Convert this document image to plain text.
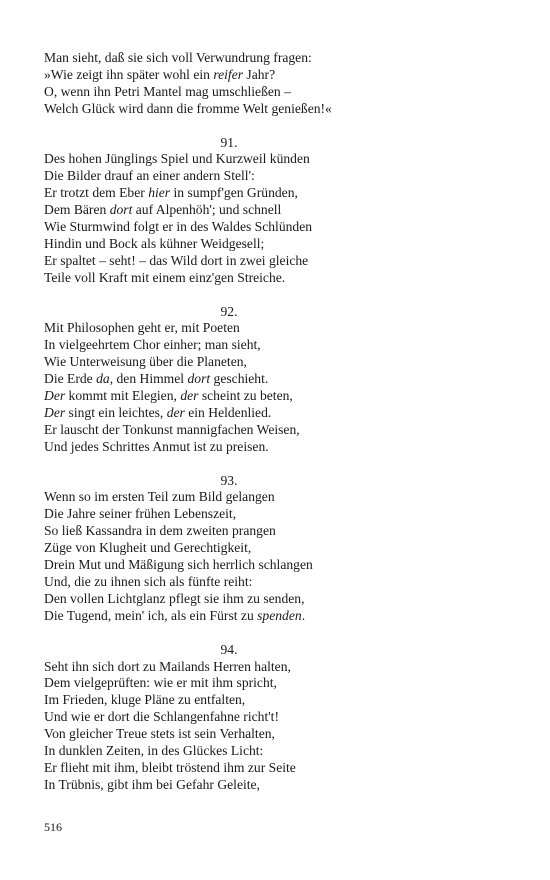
Man sieht, daß sie sich voll Verwundrung fragen:
»Wie zeigt ihn später wohl ein reifer Jahr?
O, wenn ihn Petri Mantel mag umschließen –
Welch Glück wird dann die fromme Welt genießen!«
91.
Des hohen Jünglings Spiel und Kurzweil künden
Die Bilder drauf an einer andern Stell':
Er trotzt dem Eber hier in sumpf'gen Gründen,
Dem Bären dort auf Alpenhöh'; und schnell
Wie Sturmwind folgt er in des Waldes Schlünden
Hindin und Bock als kühner Weidgesell;
Er spaltet – seht! – das Wild dort in zwei gleiche
Teile voll Kraft mit einem einz'gen Streiche.
92.
Mit Philosophen geht er, mit Poeten
In vielgeehrtem Chor einher; man sieht,
Wie Unterweisung über die Planeten,
Die Erde da, den Himmel dort geschieht.
Der kommt mit Elegien, der scheint zu beten,
Der singt ein leichtes, der ein Heldenlied.
Er lauscht der Tonkunst mannigfachen Weisen,
Und jedes Schrittes Anmut ist zu preisen.
93.
Wenn so im ersten Teil zum Bild gelangen
Die Jahre seiner frühen Lebenszeit,
So ließ Kassandra in dem zweiten prangen
Züge von Klugheit und Gerechtigkeit,
Drein Mut und Mäßigung sich herrlich schlangen
Und, die zu ihnen sich als fünfte reiht:
Den vollen Lichtglanz pflegt sie ihm zu senden,
Die Tugend, mein' ich, als ein Fürst zu spenden.
94.
Seht ihn sich dort zu Mailands Herren halten,
Dem vielgeprüften: wie er mit ihm spricht,
Im Frieden, kluge Pläne zu entfalten,
Und wie er dort die Schlangenfahne richt't!
Von gleicher Treue stets ist sein Verhalten,
In dunklen Zeiten, in des Glückes Licht:
Er flieht mit ihm, bleibt tröstend ihm zur Seite
In Trübnis, gibt ihm bei Gefahr Geleite,
516
